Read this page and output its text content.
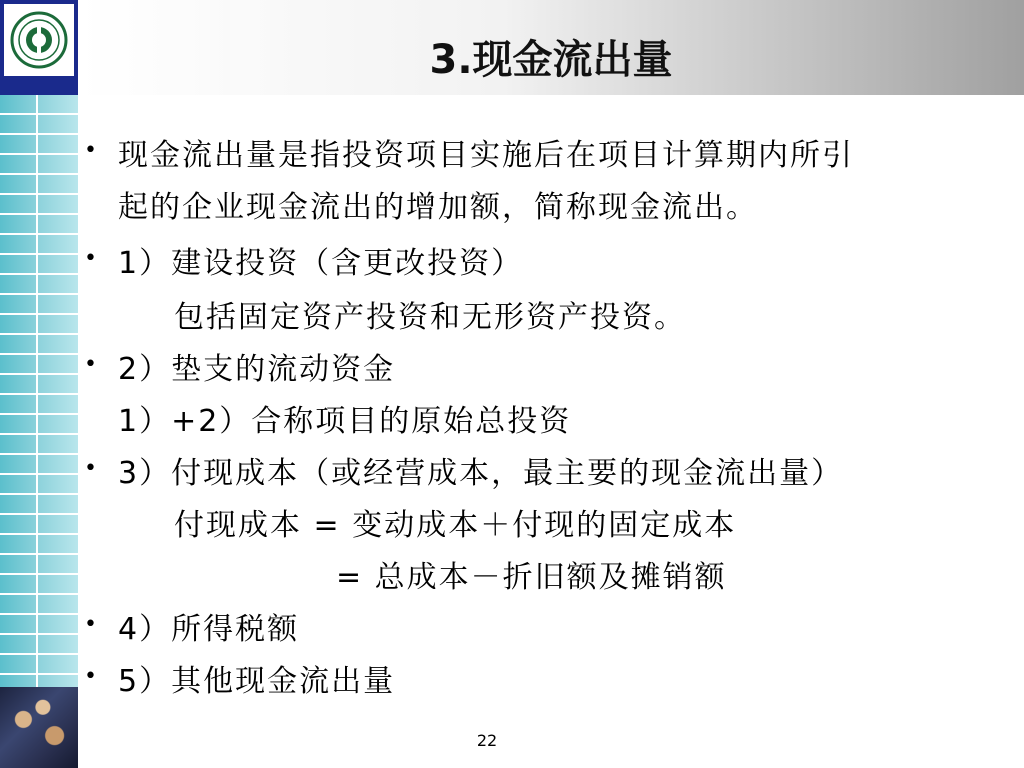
3.现金流出量
• 现金流出量是指投资项目实施后在项目计算期内所引
起的企业现金流出的增加额，简称现金流出。
• 1）建设投资（含更改投资）
包括固定资产投资和无形资产投资。
• 2）垫支的流动资金
1）+2）合称项目的原始总投资
• 3）付现成本（或经营成本，最主要的现金流出量）
付现成本 = 变动成本＋付现的固定成本
= 总成本－折旧额及摊销额
• 4）所得税额
• 5）其他现金流出量
22
